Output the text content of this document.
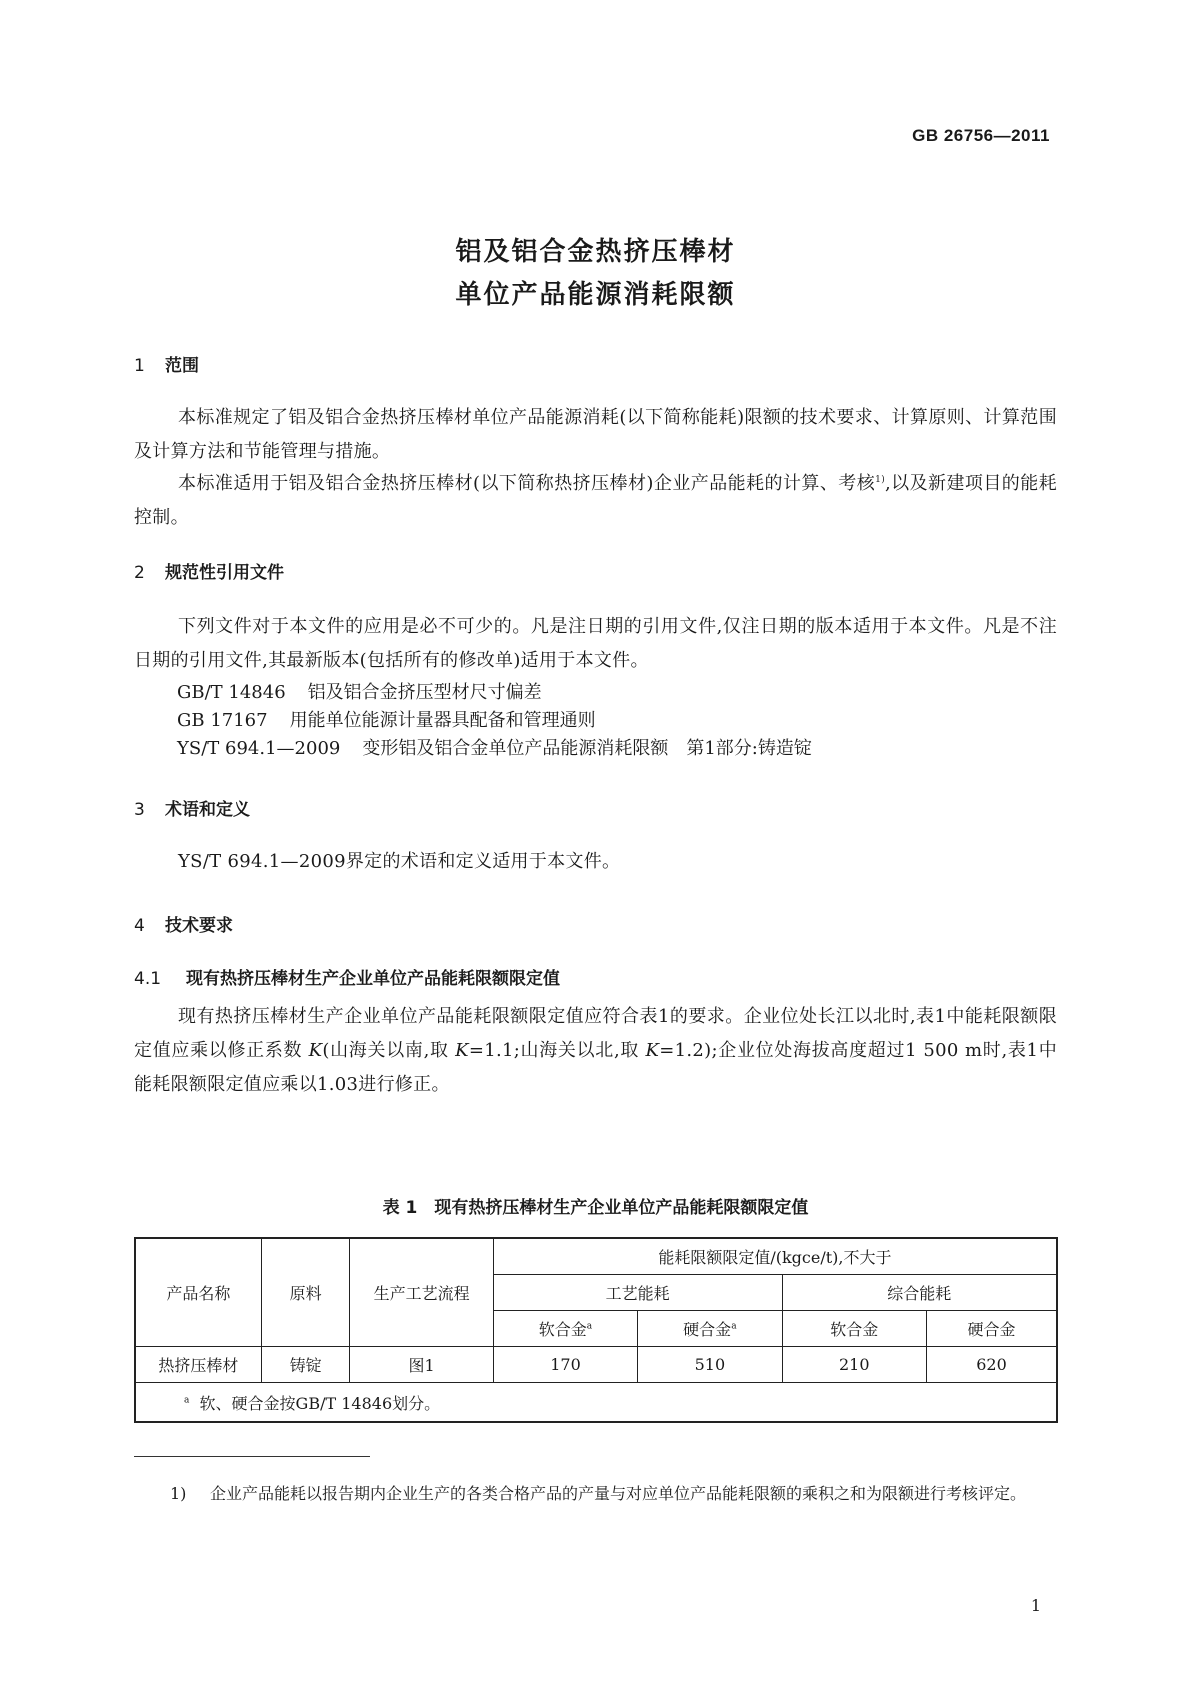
GB 26756—2011
铝及铝合金热挤压棒材
单位产品能源消耗限额
1 范围
本标准规定了铝及铝合金热挤压棒材单位产品能源消耗(以下简称能耗)限额的技术要求、计算原则、计算范围及计算方法和节能管理与措施。
本标准适用于铝及铝合金热挤压棒材(以下简称热挤压棒材)企业产品能耗的计算、考核$^{1)}$,以及新建项目的能耗控制。
2 规范性引用文件
下列文件对于本文件的应用是必不可少的。凡是注日期的引用文件,仅注日期的版本适用于本文件。凡是不注日期的引用文件,其最新版本(包括所有的修改单)适用于本文件。
GB/T 14846 铝及铝合金挤压型材尺寸偏差
GB 17167 用能单位能源计量器具配备和管理通则
YS/T 694.1—2009 变形铝及铝合金单位产品能源消耗限额　第1部分:铸造锭
3 术语和定义
YS/T 694.1—2009界定的术语和定义适用于本文件。
4 技术要求
4.1 现有热挤压棒材生产企业单位产品能耗限额限定值
现有热挤压棒材生产企业单位产品能耗限额限定值应符合表1的要求。企业位处长江以北时,表1中能耗限额限定值应乘以修正系数 K(山海关以南,取 K=1.1;山海关以北,取 K=1.2);企业位处海拔高度超过1 500 m时,表1中能耗限额限定值应乘以1.03进行修正。
表 1　现有热挤压棒材生产企业单位产品能耗限额限定值
产品名称	原料	生产工艺流程	能耗限额限定值/(kgce/t),不大于			
			工艺能耗		综合能耗	
			软合金$^a$	硬合金$^a$	软合金	硬合金
热挤压棒材	铸锭	图1	170	510	210	620
$^a$ 软、硬合金按GB/T 14846划分。						
1) 企业产品能耗以报告期内企业生产的各类合格产品的产量与对应单位产品能耗限额的乘积之和为限额进行考核评定。
1
